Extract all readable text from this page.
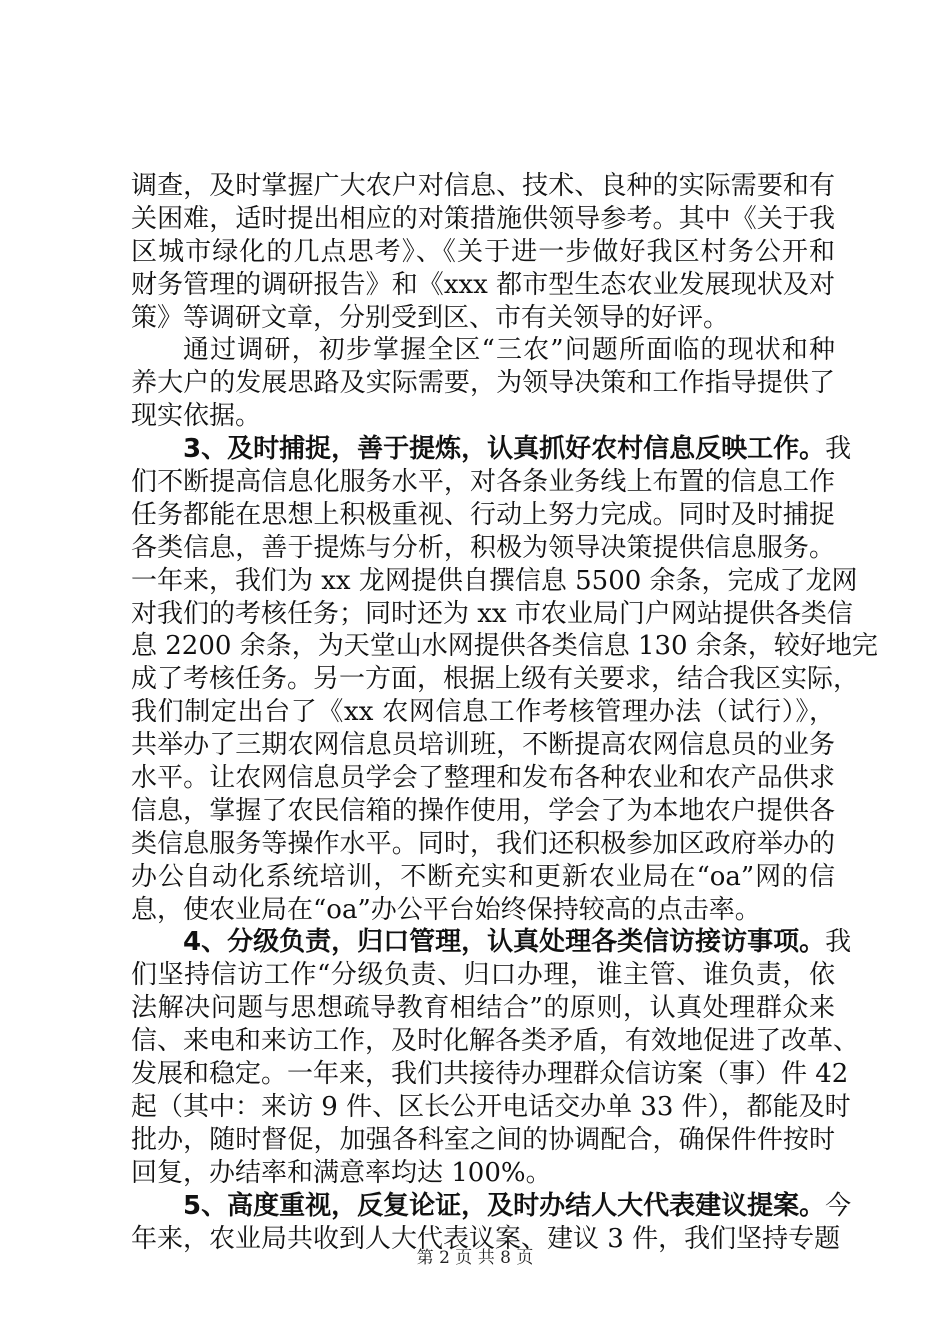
调查，及时掌握广大农户对信息、技术、良种的实际需要和有
关困难，适时提出相应的对策措施供领导参考。其中《关于我
区城市绿化的几点思考》、《关于进一步做好我区村务公开和
财务管理的调研报告》和《xxx 都市型生态农业发展现状及对
策》等调研文章，分别受到区、市有关领导的好评。
通过调研，初步掌握全区“三农”问题所面临的现状和种
养大户的发展思路及实际需要，为领导决策和工作指导提供了
现实依据。
3、及时捕捉，善于提炼，认真抓好农村信息反映工作。我
们不断提高信息化服务水平，对各条业务线上布置的信息工作
任务都能在思想上积极重视、行动上努力完成。同时及时捕捉
各类信息，善于提炼与分析，积极为领导决策提供信息服务。
一年来，我们为 xx 龙网提供自撰信息 5500 余条，完成了龙网
对我们的考核任务；同时还为 xx 市农业局门户网站提供各类信
息 2200 余条，为天堂山水网提供各类信息 130 余条，较好地完
成了考核任务。另一方面，根据上级有关要求，结合我区实际，
我们制定出台了《xx 农网信息工作考核管理办法（试行）》，
共举办了三期农网信息员培训班，不断提高农网信息员的业务
水平。让农网信息员学会了整理和发布各种农业和农产品供求
信息，掌握了农民信箱的操作使用，学会了为本地农户提供各
类信息服务等操作水平。同时，我们还积极参加区政府举办的
办公自动化系统培训，不断充实和更新农业局在“oa”网的信
息，使农业局在“oa”办公平台始终保持较高的点击率。
4、分级负责，归口管理，认真处理各类信访接访事项。我
们坚持信访工作“分级负责、归口办理，谁主管、谁负责，依
法解决问题与思想疏导教育相结合”的原则，认真处理群众来
信、来电和来访工作，及时化解各类矛盾，有效地促进了改革、
发展和稳定。一年来，我们共接待办理群众信访案（事）件 42
起（其中：来访 9 件、区长公开电话交办单 33 件），都能及时
批办，随时督促，加强各科室之间的协调配合，确保件件按时
回复，办结率和满意率均达 100%。
5、高度重视，反复论证，及时办结人大代表建议提案。今
年来，农业局共收到人大代表议案、建议 3 件，我们坚持专题
第 2 页 共 8 页
